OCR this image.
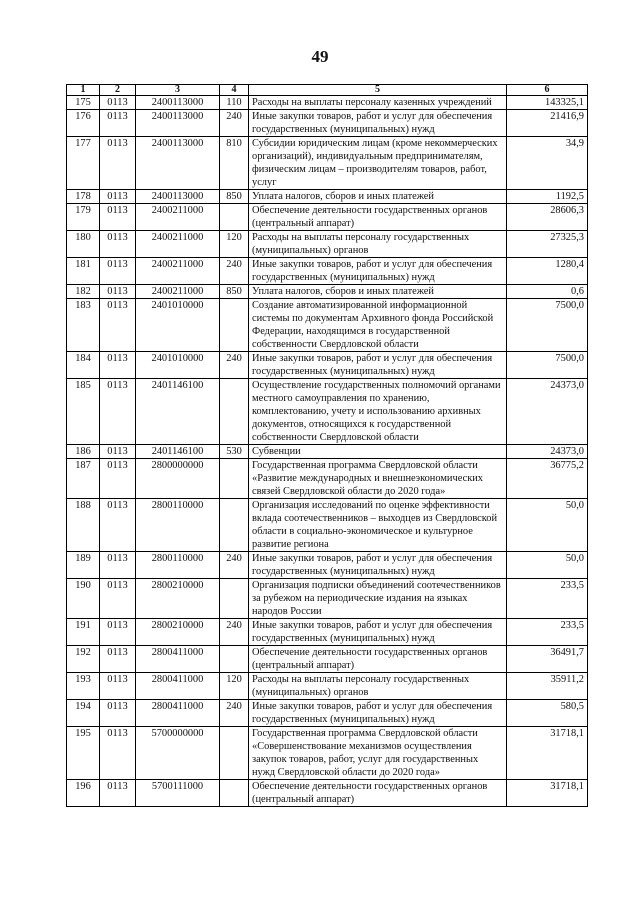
49
1	2	3	4	5	6
175	0113	2400113000	110	Расходы на выплаты персоналу казенных учреждений	143325,1
176	0113	2400113000	240	Иные закупки товаров, работ и услуг для обеспечения государственных (муниципальных) нужд	21416,9
177	0113	2400113000	810	Субсидии юридическим лицам (кроме некоммерческих организаций), индивидуальным предпринимателям, физическим лицам – производителям товаров, работ, услуг	34,9
178	0113	2400113000	850	Уплата налогов, сборов и иных платежей	1192,5
179	0113	2400211000		Обеспечение деятельности государственных органов (центральный аппарат)	28606,3
180	0113	2400211000	120	Расходы на выплаты персоналу государственных (муниципальных) органов	27325,3
181	0113	2400211000	240	Иные закупки товаров, работ и услуг для обеспечения государственных (муниципальных) нужд	1280,4
182	0113	2400211000	850	Уплата налогов, сборов и иных платежей	0,6
183	0113	2401010000		Создание автоматизированной информационной системы по документам Архивного фонда Российской Федерации, находящимся в государственной собственности Свердловской области	7500,0
184	0113	2401010000	240	Иные закупки товаров, работ и услуг для обеспечения государственных (муниципальных) нужд	7500,0
185	0113	2401146100		Осуществление государственных полномочий органами местного самоуправления по хранению, комплектованию, учету и использованию архивных документов, относящихся к государственной собственности Свердловской области	24373,0
186	0113	2401146100	530	Субвенции	24373,0
187	0113	2800000000		Государственная программа Свердловской области «Развитие международных и внешнеэкономических связей Свердловской области до 2020 года»	36775,2
188	0113	2800110000		Организация исследований по оценке эффективности вклада соотечественников – выходцев из Свердловской области в социально-экономическое и культурное развитие региона	50,0
189	0113	2800110000	240	Иные закупки товаров, работ и услуг для обеспечения государственных (муниципальных) нужд	50,0
190	0113	2800210000		Организация подписки объединений соотечественников за рубежом на периодические издания на языках народов России	233,5
191	0113	2800210000	240	Иные закупки товаров, работ и услуг для обеспечения государственных (муниципальных) нужд	233,5
192	0113	2800411000		Обеспечение деятельности государственных органов (центральный аппарат)	36491,7
193	0113	2800411000	120	Расходы на выплаты персоналу государственных (муниципальных) органов	35911,2
194	0113	2800411000	240	Иные закупки товаров, работ и услуг для обеспечения государственных (муниципальных) нужд	580,5
195	0113	5700000000		Государственная программа Свердловской области «Совершенствование механизмов осуществления закупок товаров, работ, услуг для государственных нужд Свердловской области до 2020 года»	31718,1
196	0113	5700111000		Обеспечение деятельности государственных органов (центральный аппарат)	31718,1
